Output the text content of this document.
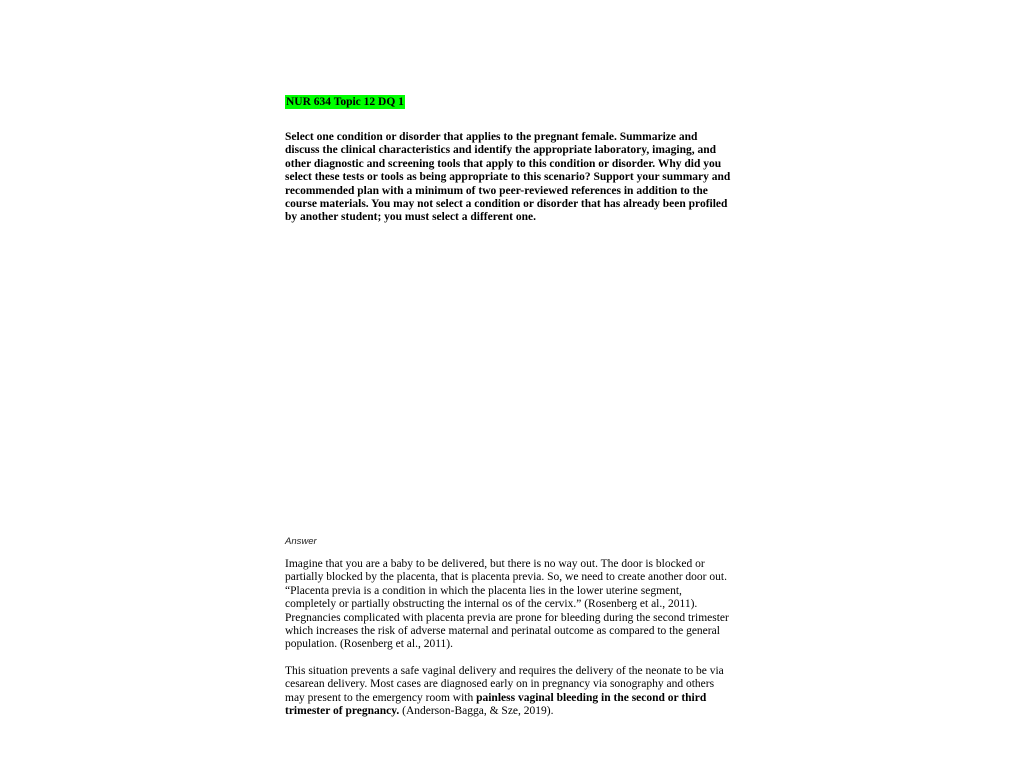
NUR 634 Topic 12 DQ 1

Select one condition or disorder that applies to the pregnant female. Summarize and

discuss the clinical characteristics and identify the appropriate laboratory, imaging, and

other diagnostic and screening tools that apply to this condition or disorder. Why did you

select these tests or tools as being appropriate to this scenario? Support your summary and

recommended plan with a minimum of two peer-reviewed references in addition to the

course materials. You may not select a condition or disorder that has already been profiled

by another student; you must select a different one.

Answer

Imagine that you are a baby to be delivered, but there is no way out. The door is blocked or

partially blocked by the placenta, that is placenta previa. So, we need to create another door out.

“Placenta previa is a condition in which the placenta lies in the lower uterine segment,

completely or partially obstructing the internal os of the cervix.” (Rosenberg et al., 2011).

Pregnancies complicated with placenta previa are prone for bleeding during the second trimester

which increases the risk of adverse maternal and perinatal outcome as compared to the general

population. (Rosenberg et al., 2011).

This situation prevents a safe vaginal delivery and requires the delivery of the neonate to be via

cesarean delivery. Most cases are diagnosed early on in pregnancy via sonography and others

may present to the emergency room with painless vaginal bleeding in the second or third

trimester of pregnancy. (Anderson-Bagga, & Sze, 2019).
